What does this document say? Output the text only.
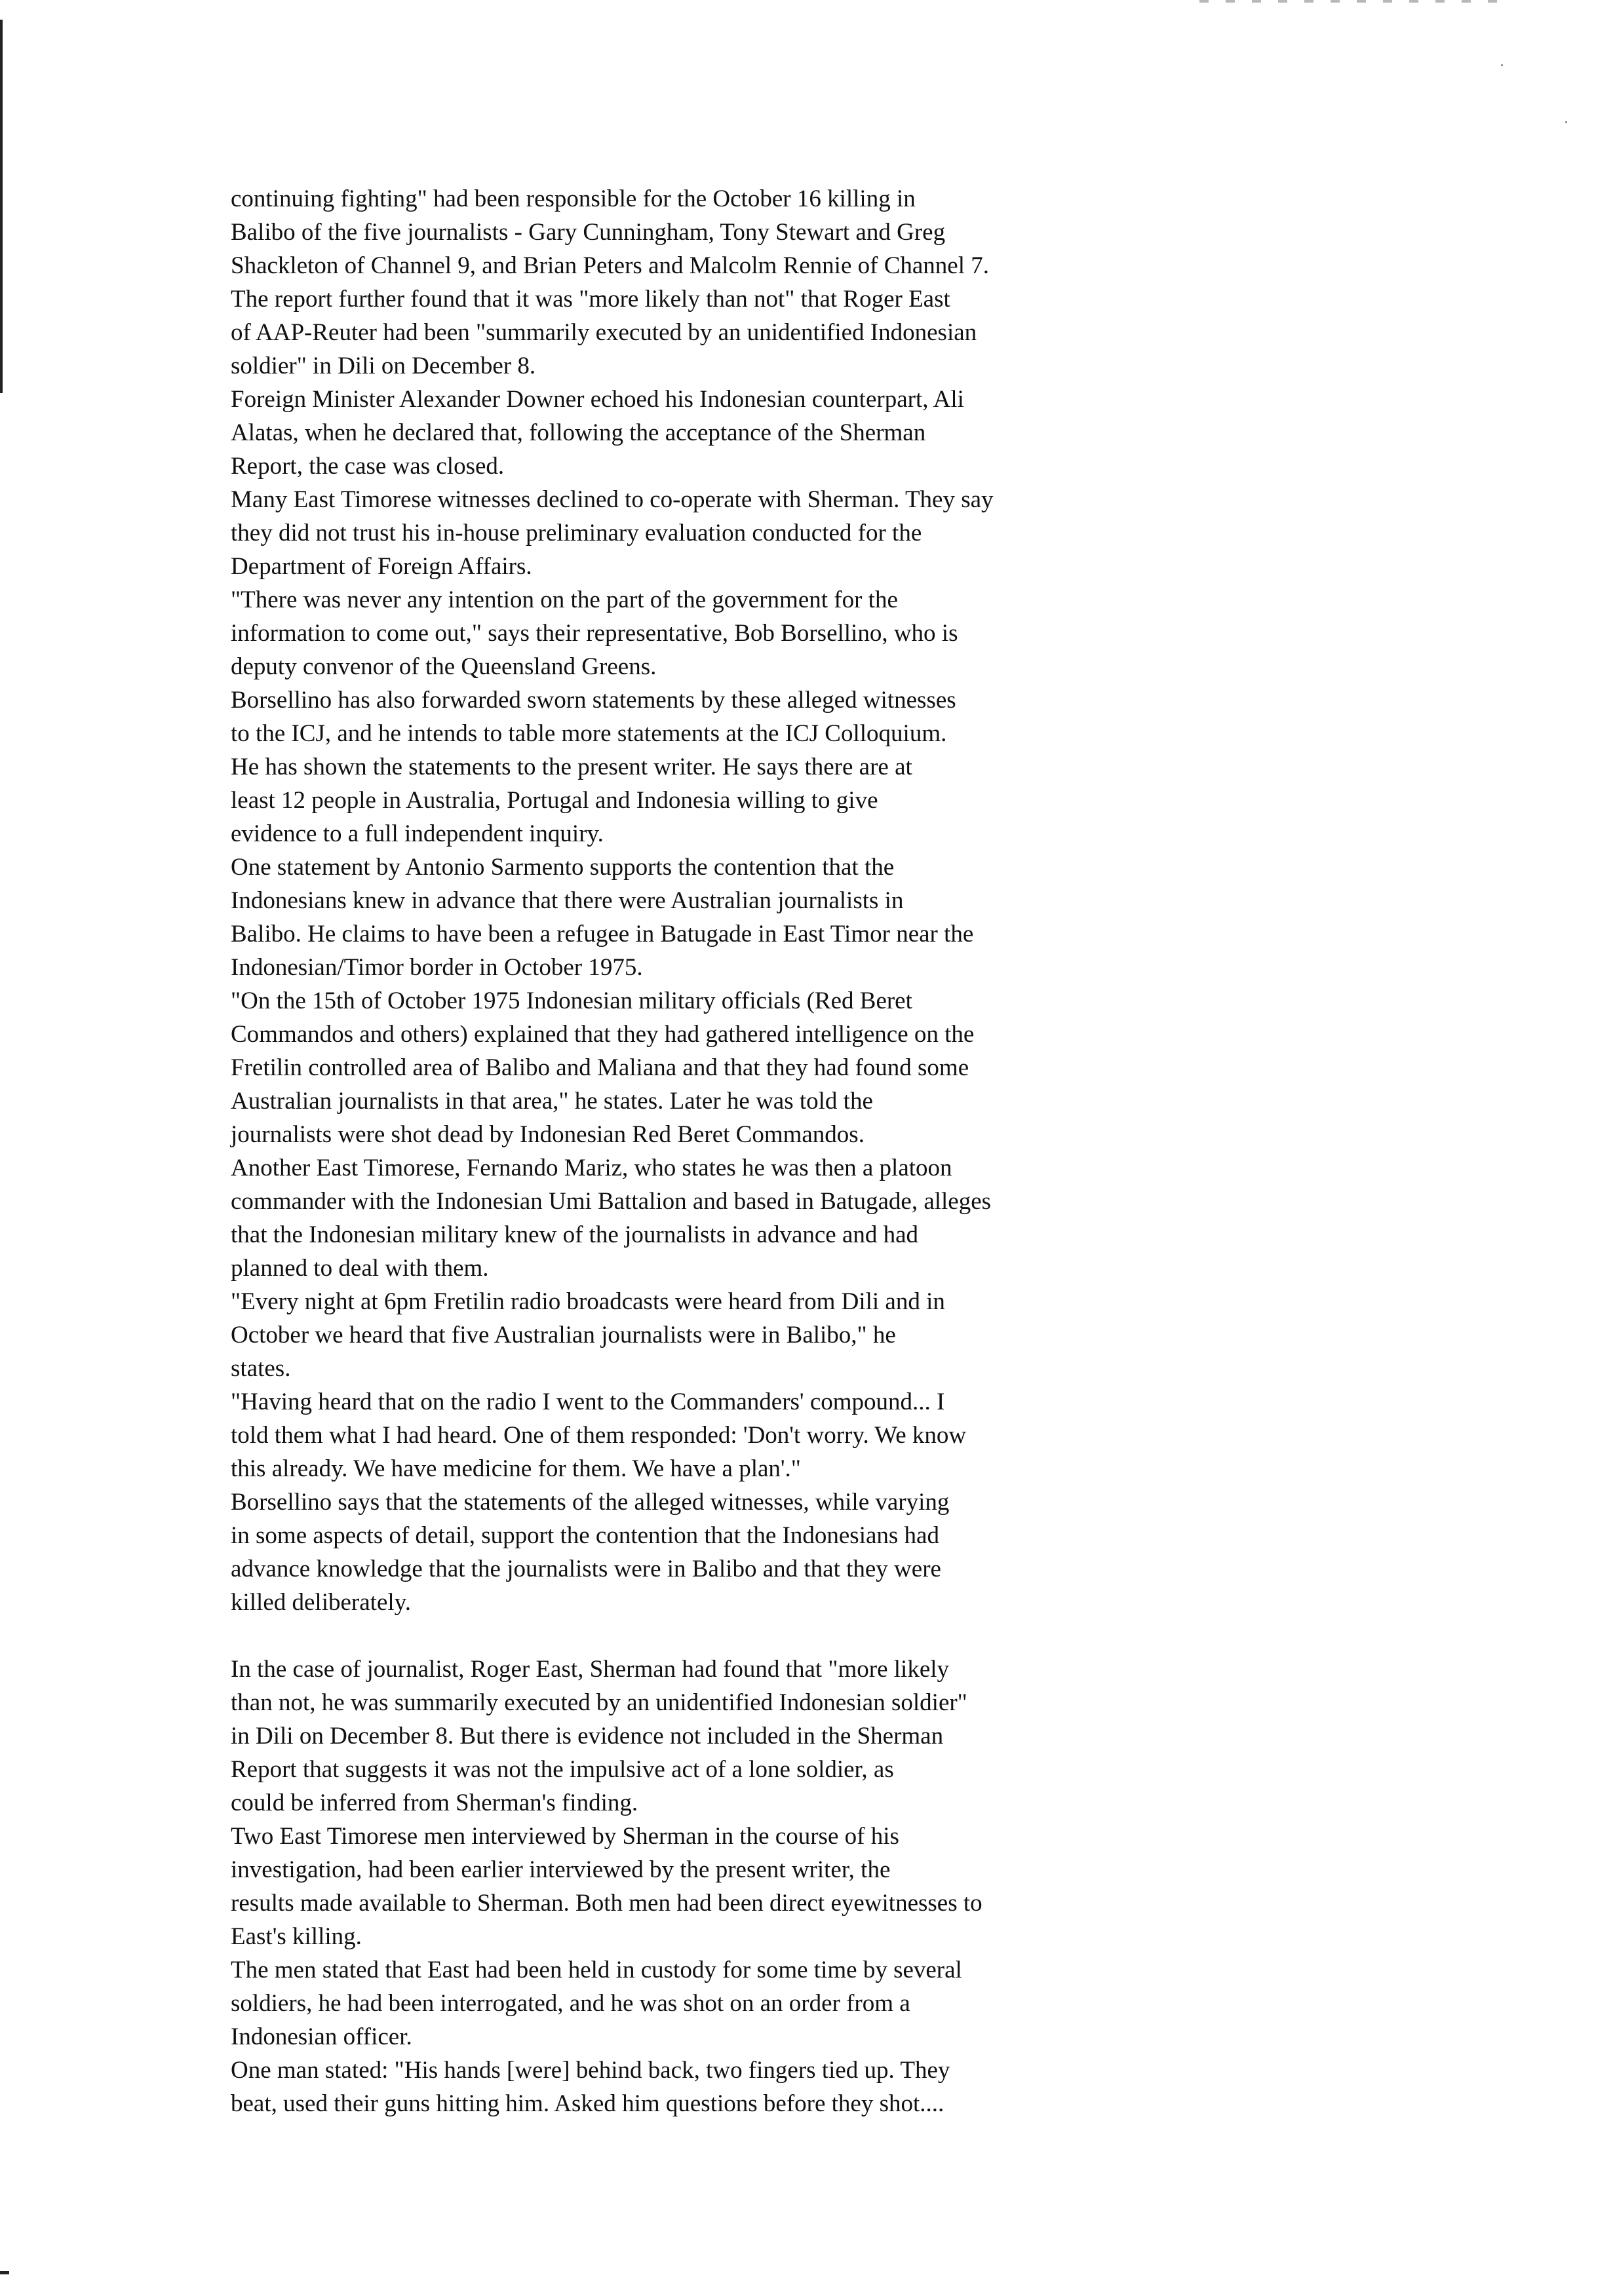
continuing fighting" had been responsible for the October 16 killing in
Balibo of the five journalists - Gary Cunningham, Tony Stewart and Greg
Shackleton of Channel 9, and Brian Peters and Malcolm Rennie of Channel 7.
The report further found that it was "more likely than not" that Roger East
of AAP-Reuter had been "summarily executed by an unidentified Indonesian
soldier" in Dili on December 8.

Foreign Minister Alexander Downer echoed his Indonesian counterpart, Ali
Alatas, when he declared that, following the acceptance of the Sherman
Report, the case was closed.

Many East Timorese witnesses declined to co-operate with Sherman. They say
they did not trust his in-house preliminary evaluation conducted for the
Department of Foreign Affairs.

"There was never any intention on the part of the government for the
information to come out," says their representative, Bob Borsellino, who is
deputy convenor of the Queensland Greens.

Borsellino has also forwarded sworn statements by these alleged witnesses
to the ICJ, and he intends to table more statements at the ICJ Colloquium.
He has shown the statements to the present writer. He says there are at
least 12 people in Australia, Portugal and Indonesia willing to give
evidence to a full independent inquiry.

One statement by Antonio Sarmento supports the contention that the
Indonesians knew in advance that there were Australian journalists in
Balibo. He claims to have been a refugee in Batugade in East Timor near the
Indonesian/Timor border in October 1975.

"On the 15th of October 1975 Indonesian military officials (Red Beret
Commandos and others) explained that they had gathered intelligence on the
Fretilin controlled area of Balibo and Maliana and that they had found some
Australian journalists in that area," he states. Later he was told the
journalists were shot dead by Indonesian Red Beret Commandos.

Another East Timorese, Fernando Mariz, who states he was then a platoon
commander with the Indonesian Umi Battalion and based in Batugade, alleges
that the Indonesian military knew of the journalists in advance and had
planned to deal with them.

"Every night at 6pm Fretilin radio broadcasts were heard from Dili and in
October we heard that five Australian journalists were in Balibo," he
states.

"Having heard that on the radio I went to the Commanders' compound... I
told them what I had heard. One of them responded: 'Don't worry. We know
this already. We have medicine for them. We have a plan'."

Borsellino says that the statements of the alleged witnesses, while varying
in some aspects of detail, support the contention that the Indonesians had
advance knowledge that the journalists were in Balibo and that they were
killed deliberately.

In the case of journalist, Roger East, Sherman had found that "more likely
than not, he was summarily executed by an unidentified Indonesian soldier"
in Dili on December 8. But there is evidence not included in the Sherman
Report that suggests it was not the impulsive act of a lone soldier, as
could be inferred from Sherman's finding.

Two East Timorese men interviewed by Sherman in the course of his
investigation, had been earlier interviewed by the present writer, the
results made available to Sherman. Both men had been direct eyewitnesses to
East's killing.

The men stated that East had been held in custody for some time by several
soldiers, he had been interrogated, and he was shot on an order from a
Indonesian officer.

One man stated: "His hands [were] behind back, two fingers tied up. They
beat, used their guns hitting him. Asked him questions before they shot....
